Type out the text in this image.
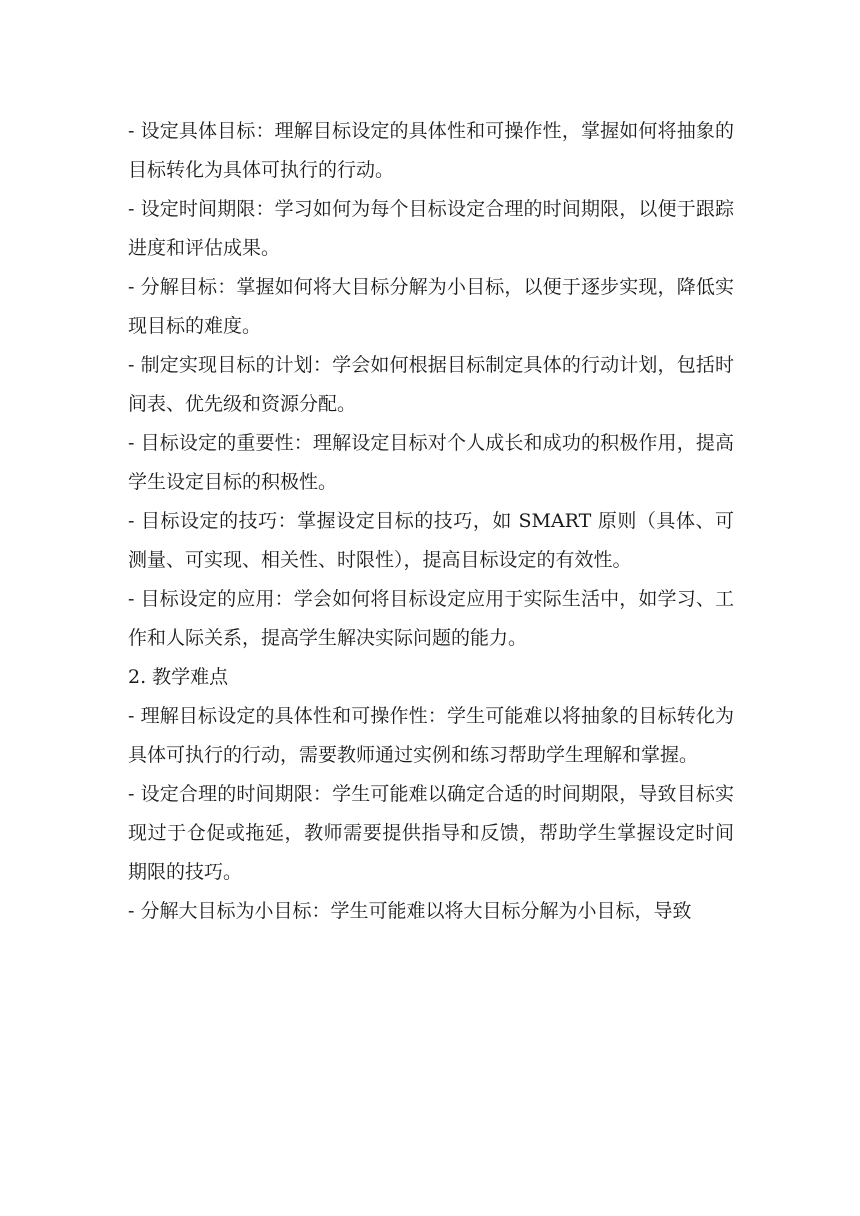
- 设定具体目标：理解目标设定的具体性和可操作性，掌握如何将抽象的目标转化为具体可执行的行动。

- 设定时间期限：学习如何为每个目标设定合理的时间期限，以便于跟踪进度和评估成果。

- 分解目标：掌握如何将大目标分解为小目标，以便于逐步实现，降低实现目标的难度。

- 制定实现目标的计划：学会如何根据目标制定具体的行动计划，包括时间表、优先级和资源分配。

- 目标设定的重要性：理解设定目标对个人成长和成功的积极作用，提高学生设定目标的积极性。

- 目标设定的技巧：掌握设定目标的技巧，如 SMART 原则（具体、可测量、可实现、相关性、时限性），提高目标设定的有效性。

- 目标设定的应用：学会如何将目标设定应用于实际生活中，如学习、工作和人际关系，提高学生解决实际问题的能力。

2. 教学难点

- 理解目标设定的具体性和可操作性：学生可能难以将抽象的目标转化为具体可执行的行动，需要教师通过实例和练习帮助学生理解和掌握。

- 设定合理的时间期限：学生可能难以确定合适的时间期限，导致目标实现过于仓促或拖延，教师需要提供指导和反馈，帮助学生掌握设定时间期限的技巧。

- 分解大目标为小目标：学生可能难以将大目标分解为小目标，导致
